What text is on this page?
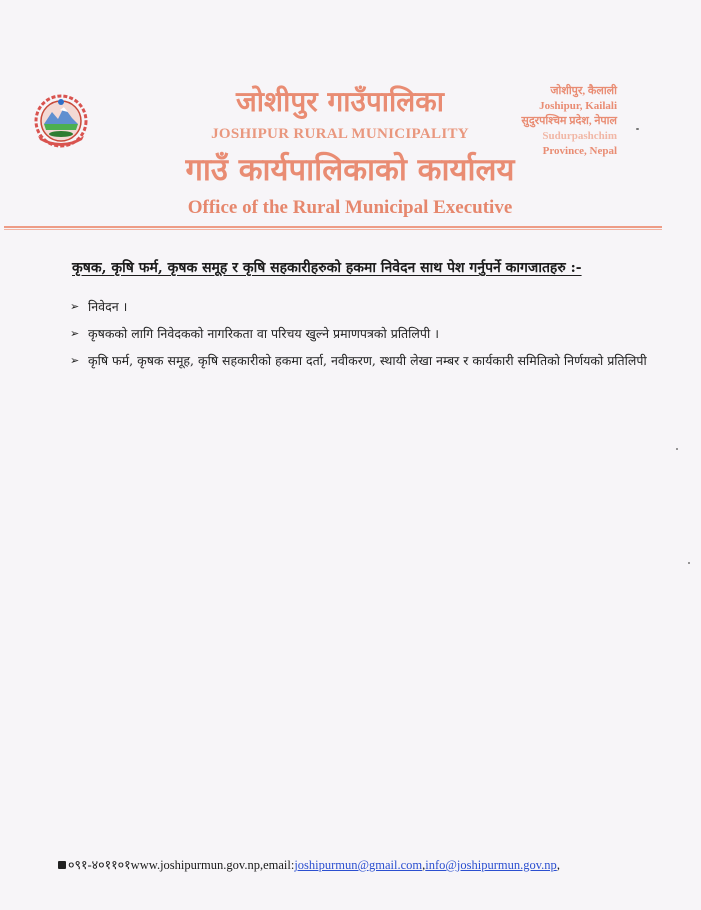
जोशीपुर गाउँपालिका
JOSHIPUR RURAL MUNICIPALITY
गाउँ कार्यपालिकाको कार्यालय
Office of the Rural Municipal Executive
जोशीपुर, कैलाली
Joshipur, Kailali
सुदुरपश्चिम प्रदेश, नेपाल
Sudurpashchim
Province, Nepal
कृषक, कृषि फर्म, कृषक समूह र कृषि सहकारीहरुको हकमा निवेदन साथ पेश गर्नुपर्ने कागजातहरु :-
➢ निवेदन ।
➢ कृषकको लागि निवेदकको नागरिकता वा परिचय खुल्ने प्रमाणपत्रको प्रतिलिपी ।
➢ कृषि फर्म, कृषक समूह, कृषि सहकारीको हकमा दर्ता, नवीकरण, स्थायी लेखा नम्बर र कार्यकारी समितिको निर्णयको प्रतिलिपी
०९१-४०११०१www.joshipurmun.gov.np,email:joshipurmun@gmail.com,info@joshipurmun.gov.np,
